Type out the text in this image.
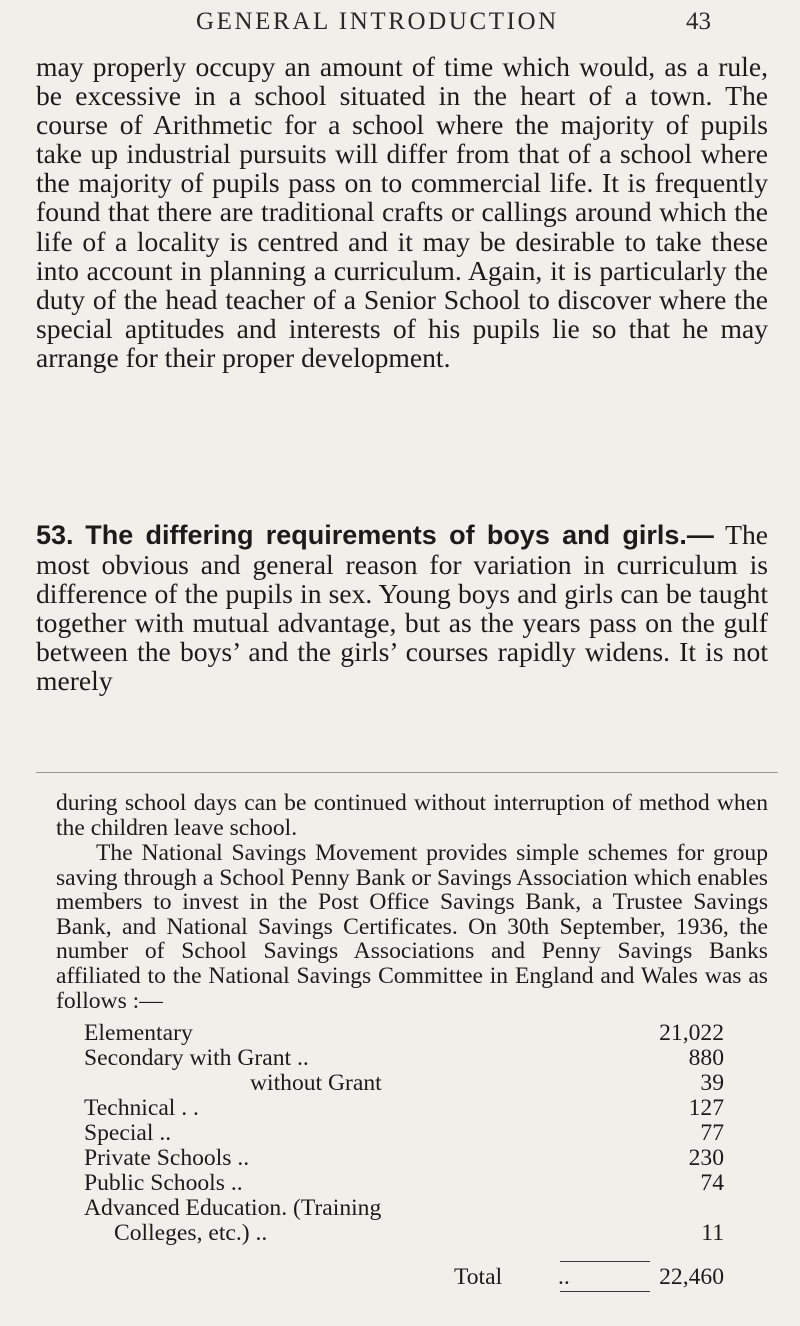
GENERAL INTRODUCTION	43

may properly occupy an amount of time which would, as a rule, be excessive in a school situated in the heart of a town. The course of Arithmetic for a school where the majority of pupils take up industrial pursuits will differ from that of a school where the majority of pupils pass on to commercial life. It is frequently found that there are traditional crafts or callings around which the life of a locality is centred and it may be desirable to take these into account in planning a curriculum. Again, it is particularly the duty of the head teacher of a Senior School to discover where the special aptitudes and interests of his pupils lie so that he may arrange for their proper development.

53. The differing requirements of boys and girls.— The most obvious and general reason for variation in curriculum is difference of the pupils in sex. Young boys and girls can be taught together with mutual advantage, but as the years pass on the gulf between the boys’ and the girls’ courses rapidly widens. It is not merely

during school days can be continued without interruption of method when the children leave school.

The National Savings Movement provides simple schemes for group saving through a School Penny Bank or Savings Association which enables members to invest in the Post Office Savings Bank, a Trustee Savings Bank, and National Savings Certificates. On 30th September, 1936, the number of School Savings Associations and Penny Savings Banks affiliated to the National Savings Committee in England and Wales was as follows :—

Elementary	21,022
Secondary with Grant ..	880
without Grant	39
Technical . .	127
Special ..	77
Private Schools ..	230
Public Schools ..	74
Advanced Education. (Training
Colleges, etc.) ..	11
Total ..	22,460
